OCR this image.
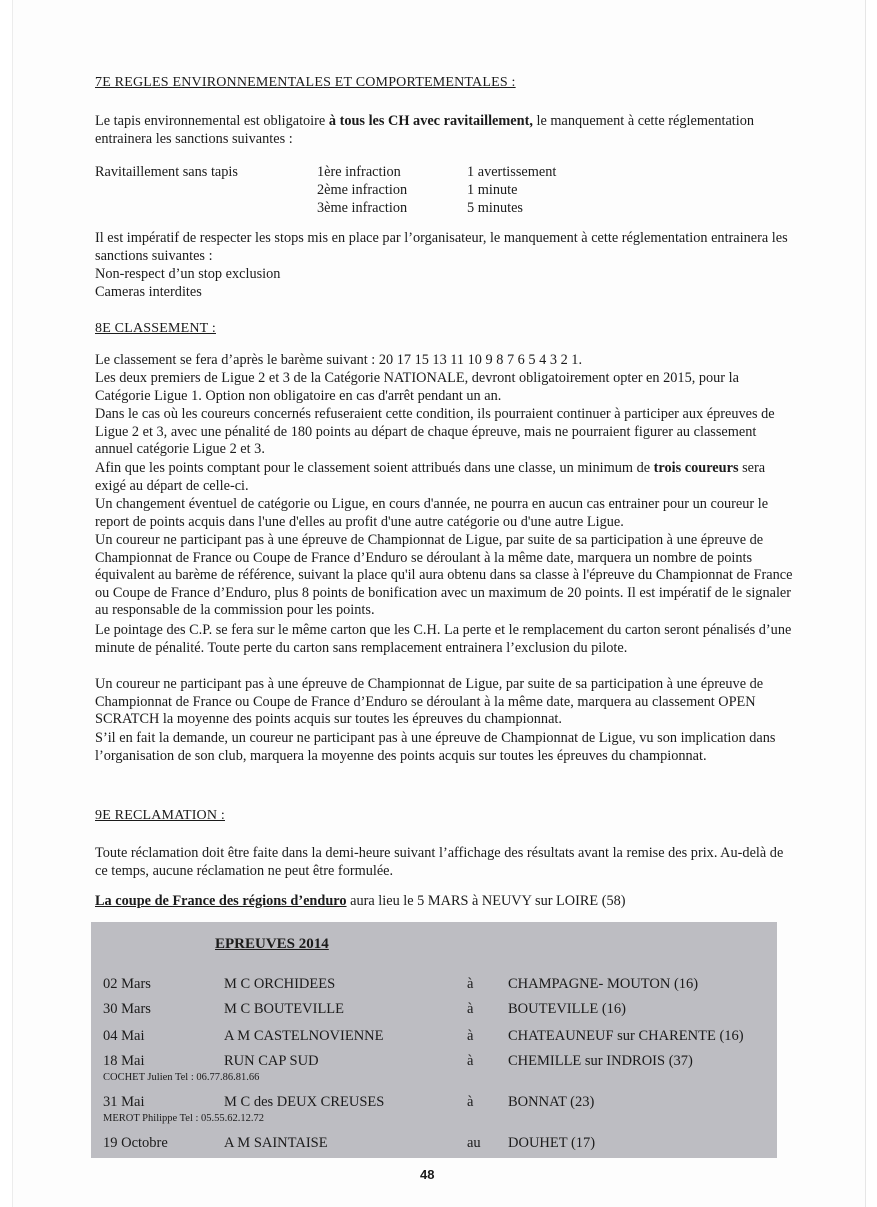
7E REGLES ENVIRONNEMENTALES ET COMPORTEMENTALES :
Le tapis environnemental est obligatoire à tous les CH avec ravitaillement, le manquement à cette réglementation entrainera les sanctions suivantes :
Ravitaillement sans tapis	1ère infraction	1 avertissement
2ème infraction	1 minute
3ème infraction	5 minutes
Il est impératif de respecter les stops mis en place par l’organisateur, le manquement à cette réglementation entrainera les sanctions suivantes :
Non-respect d’un stop exclusion
Cameras interdites
8E CLASSEMENT :
Le classement se fera d’après le barème suivant : 20 17 15 13 11 10 9 8 7 6 5 4 3 2 1.
Les deux premiers de Ligue 2 et 3 de la Catégorie NATIONALE, devront obligatoirement opter en 2015, pour la Catégorie Ligue 1. Option non obligatoire en cas d'arrêt pendant un an.
Dans le cas où les coureurs concernés refuseraient cette condition, ils pourraient continuer à participer aux épreuves de Ligue 2 et 3, avec une pénalité de 180 points au départ de chaque épreuve, mais ne pourraient figurer au classement annuel catégorie Ligue 2 et 3.
Afin que les points comptant pour le classement soient attribués dans une classe, un minimum de trois coureurs sera exigé au départ de celle-ci.
Un changement éventuel de catégorie ou Ligue, en cours d'année, ne pourra en aucun cas entrainer pour un coureur le report de points acquis dans l'une d'elles au profit d'une autre catégorie ou d'une autre Ligue.
Un coureur ne participant pas à une épreuve de Championnat de Ligue, par suite de sa participation à une épreuve de Championnat de France ou Coupe de France d’Enduro se déroulant à la même date, marquera un nombre de points équivalent au barème de référence, suivant la place qu'il aura obtenu dans sa classe à l'épreuve du Championnat de France ou Coupe de France d’Enduro, plus 8 points de bonification avec un maximum de 20 points. Il est impératif de le signaler au responsable de la commission pour les points.
Le pointage des C.P. se fera sur le même carton que les C.H. La perte et le remplacement du carton seront pénalisés d’une minute de pénalité. Toute perte du carton sans remplacement entrainera l’exclusion du pilote.
Un coureur ne participant pas à une épreuve de Championnat de Ligue, par suite de sa participation à une épreuve de Championnat de France ou Coupe de France d’Enduro se déroulant à la même date, marquera au classement OPEN SCRATCH la moyenne des points acquis sur toutes les épreuves du championnat.
S’il en fait la demande, un coureur ne participant pas à une épreuve de Championnat de Ligue, vu son implication dans l’organisation de son club, marquera la moyenne des points acquis sur toutes les épreuves du championnat.
9E RECLAMATION :
Toute réclamation doit être faite dans la demi-heure suivant l’affichage des résultats avant la remise des prix. Au-delà de ce temps, aucune réclamation ne peut être formulée.
La coupe de France des régions d’enduro aura lieu le 5 MARS à NEUVY sur LOIRE (58)
EPREUVES 2014
02 Mars	M C ORCHIDEES	à CHAMPAGNE- MOUTON (16)
30 Mars	M C BOUTEVILLE	à BOUTEVILLE (16)
04 Mai	A M CASTELNOVIENNE	à CHATEAUNEUF sur CHARENTE (16)
18 Mai	RUN CAP SUD	à CHEMILLE sur INDROIS (37)
COCHET Julien Tel : 06.77.86.81.66
31 Mai	M C des DEUX CREUSES	à BONNAT (23)
MEROT Philippe Tel : 05.55.62.12.72
19 Octobre	A M SAINTAISE	au DOUHET (17)
48
